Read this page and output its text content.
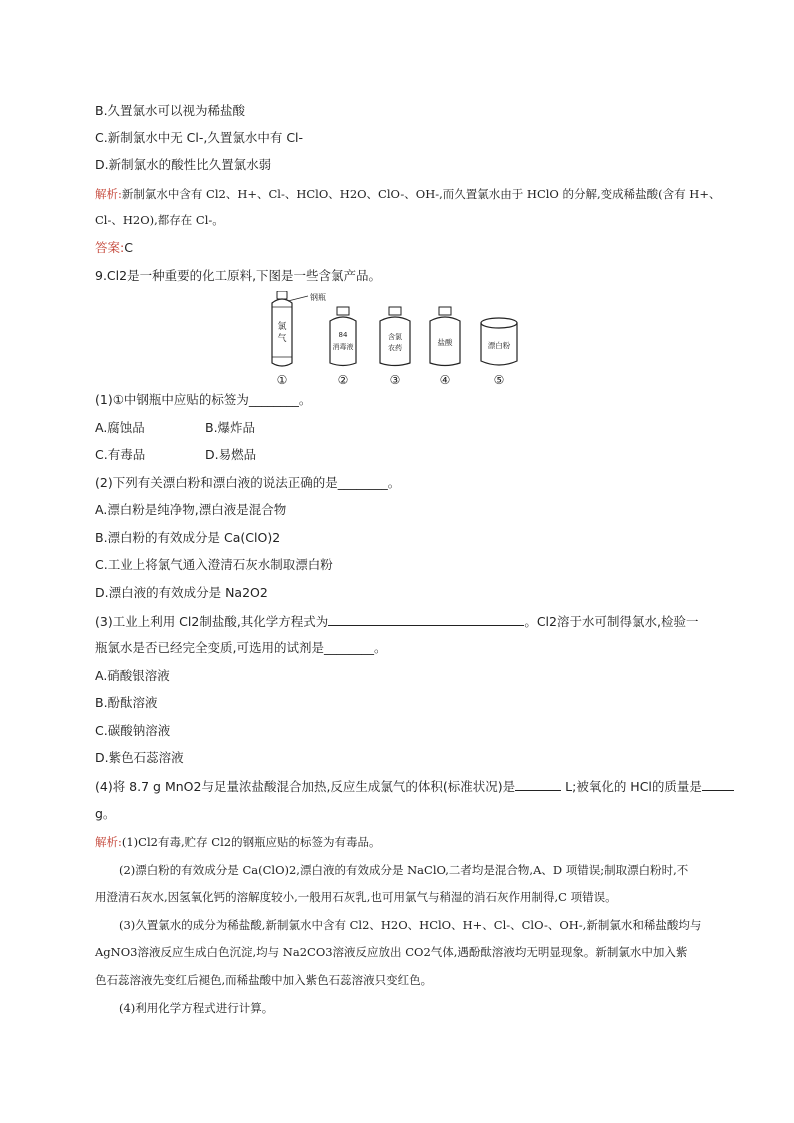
B.久置氯水可以视为稀盐酸
C.新制氯水中无 Cl-,久置氯水中有 Cl-
D.新制氯水的酸性比久置氯水弱
解析:新制氯水中含有 Cl2、H+、Cl-、HClO、H2O、ClO-、OH-,而久置氯水由于 HClO 的分解,变成稀盐酸(含有 H+、
Cl-、H2O),都存在 Cl-。
答案:C
9.Cl2是一种重要的化工原料,下图是一些含氯产品。
钢瓶
氯
气	84
消毒液
含氯
农药
盐酸	漂白粉
①	②	③	④	⑤
(1)①中钢瓶中应贴的标签为________。
A.腐蚀品	B.爆炸品
C.有毒品	D.易燃品
(2)下列有关漂白粉和漂白液的说法正确的是________。
A.漂白粉是纯净物,漂白液是混合物
B.漂白粉的有效成分是 Ca(ClO)2
C.工业上将氯气通入澄清石灰水制取漂白粉
D.漂白液的有效成分是 Na2O2
(3)工业上利用 Cl2制盐酸,其化学方程式为	。Cl2溶于水可制得氯水,检验一
瓶氯水是否已经完全变质,可选用的试剂是________。
A.硝酸银溶液
B.酚酞溶液
C.碳酸钠溶液
D.紫色石蕊溶液
(4)将 8.7 g MnO2与足量浓盐酸混合加热,反应生成氯气的体积(标准状况)是	L;被氧化的 HCl的质量是
g。
解析:(1)Cl2有毒,贮存 Cl2的钢瓶应贴的标签为有毒品。
(2)漂白粉的有效成分是 Ca(ClO)2,漂白液的有效成分是 NaClO,二者均是混合物,A、D 项错误;制取漂白粉时,不
用澄清石灰水,因氢氧化钙的溶解度较小,一般用石灰乳,也可用氯气与稍湿的消石灰作用制得,C 项错误。
(3)久置氯水的成分为稀盐酸,新制氯水中含有 Cl2、H2O、HClO、H+、Cl-、ClO-、OH-,新制氯水和稀盐酸均与
AgNO3溶液反应生成白色沉淀,均与 Na2CO3溶液反应放出 CO2气体,遇酚酞溶液均无明显现象。新制氯水中加入紫
色石蕊溶液先变红后褪色,而稀盐酸中加入紫色石蕊溶液只变红色。
(4)利用化学方程式进行计算。
